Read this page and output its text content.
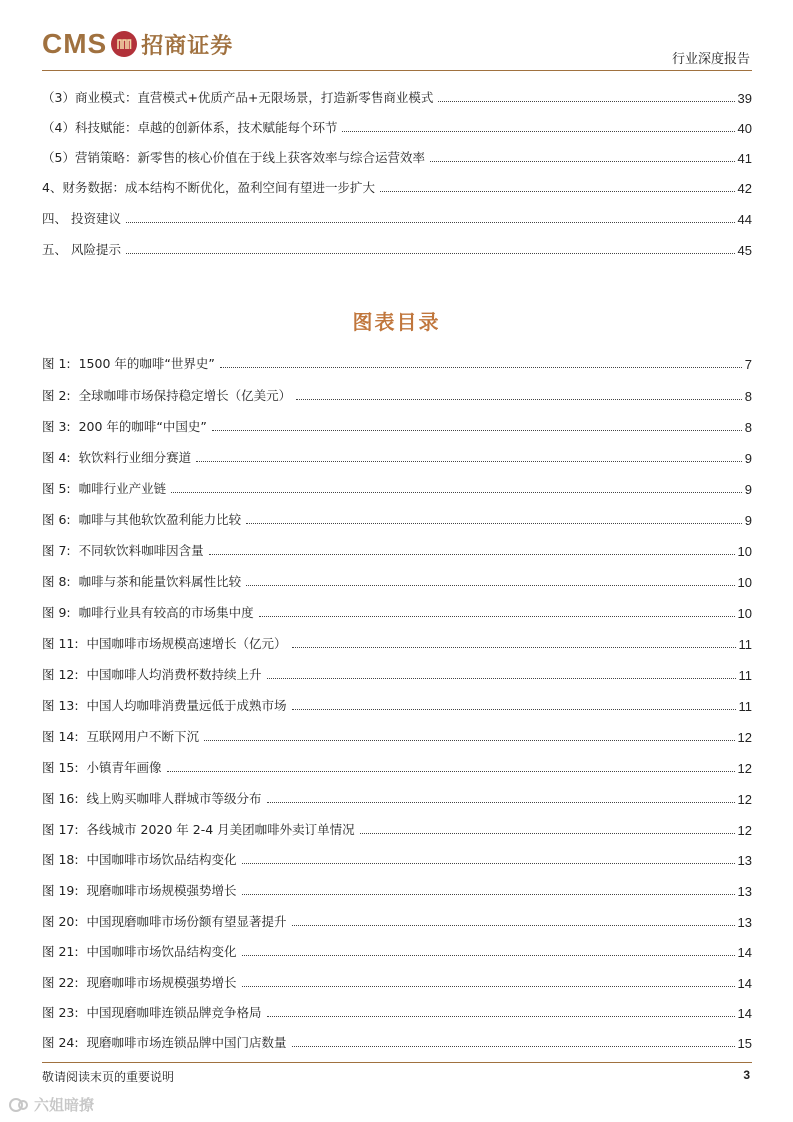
CMS 招商证券
行业深度报告
（3）商业模式：直营模式+优质产品+无限场景，打造新零售商业模式	39
（4）科技赋能：卓越的创新体系，技术赋能每个环节	40
（5）营销策略：新零售的核心价值在于线上获客效率与综合运营效率	41
4、财务数据：成本结构不断优化，盈利空间有望进一步扩大	42
四、 投资建议	44
五、 风险提示	45
图表目录
图 1: 1500 年的咖啡“世界史”	7
图 2: 全球咖啡市场保持稳定增长（亿美元）	8
图 3: 200 年的咖啡“中国史”	8
图 4: 软饮料行业细分赛道	9
图 5: 咖啡行业产业链	9
图 6: 咖啡与其他软饮盈利能力比较	9
图 7: 不同软饮料咖啡因含量	10
图 8: 咖啡与茶和能量饮料属性比较	10
图 9: 咖啡行业具有较高的市场集中度	10
图 11: 中国咖啡市场规模高速增长（亿元）	11
图 12: 中国咖啡人均消费杯数持续上升	11
图 13: 中国人均咖啡消费量远低于成熟市场	11
图 14: 互联网用户不断下沉	12
图 15: 小镇青年画像	12
图 16: 线上购买咖啡人群城市等级分布	12
图 17: 各线城市 2020 年 2-4 月美团咖啡外卖订单情况	12
图 18: 中国咖啡市场饮品结构变化	13
图 19: 现磨咖啡市场规模强势增长	13
图 20: 中国现磨咖啡市场份额有望显著提升	13
图 21: 中国咖啡市场饮品结构变化	14
图 22: 现磨咖啡市场规模强势增长	14
图 23: 中国现磨咖啡连锁品牌竞争格局	14
图 24: 现磨咖啡市场连锁品牌中国门店数量	15
敬请阅读末页的重要说明	3
六姐暗撩
